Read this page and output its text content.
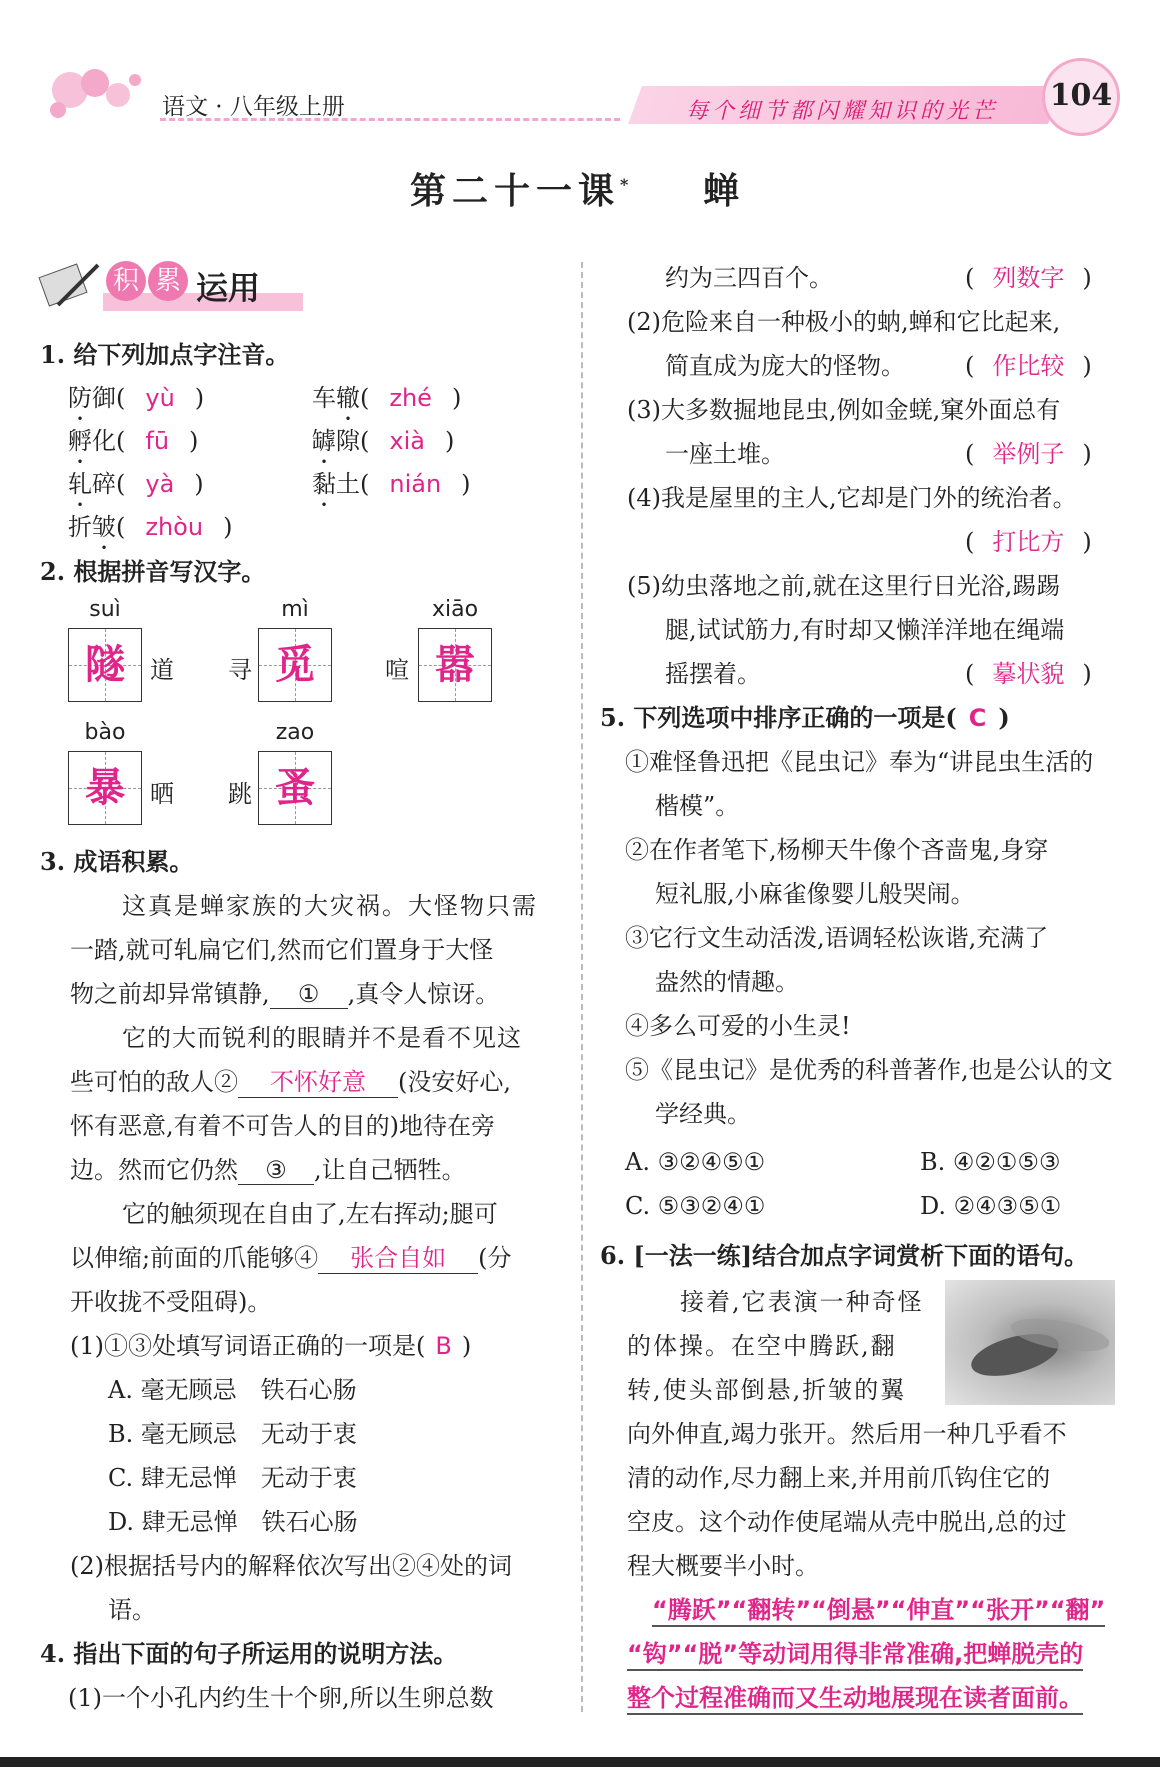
语文 · 八年级上册	每个细节都闪耀知识的光芒 104
第二十一课* 蝉
积 累 运用
1. 给下列加点字注音。
防御( yù )	车辙( zhé )
孵化( fū )	罅隙( xià )
轧碎( yà )	黏土( nián )
折皱( zhòu )
2. 根据拼音写汉字。
suì
隧	道 寻
mì
觅	喧
xiāo
嚣
bào
暴	晒 跳
zao
蚤
3. 成语积累。
这真是蝉家族的大灾祸。大怪物只需
一踏,就可轧扁它们,然而它们置身于大怪
物之前却异常镇静, ① ,真令人惊讶。
它的大而锐利的眼睛并不是看不见这
些可怕的敌人② 不怀好意 (没安好心,
怀有恶意,有着不可告人的目的)地待在旁
边。然而它仍然 ③ ,让自己牺牲。
它的触须现在自由了,左右挥动;腿可
以伸缩;前面的爪能够④ 张合自如 (分
开收拢不受阻碍)。
(1)①③处填写词语正确的一项是( B )
A. 毫无顾忌　铁石心肠
B. 毫无顾忌　无动于衷
C. 肆无忌惮　无动于衷
D. 肆无忌惮　铁石心肠
(2)根据括号内的解释依次写出②④处的词
语。
4. 指出下面的句子所运用的说明方法。
(1)一个小孔内约生十个卵,所以生卵总数
约为三四百个。	( 列数字 )
(2)危险来自一种极小的蚋,蝉和它比起来,
简直成为庞大的怪物。	( 作比较 )
(3)大多数掘地昆虫,例如金蜣,窠外面总有
一座土堆。	( 举例子 )
(4)我是屋里的主人,它却是门外的统治者。
( 打比方 )
(5)幼虫落地之前,就在这里行日光浴,踢踢
腿,试试筋力,有时却又懒洋洋地在绳端
摇摆着。	( 摹状貌 )
5. 下列选项中排序正确的一项是( C )
①难怪鲁迅把《昆虫记》奉为“讲昆虫生活的
楷模”。
②在作者笔下,杨柳天牛像个吝啬鬼,身穿
短礼服,小麻雀像婴儿般哭闹。
③它行文生动活泼,语调轻松诙谐,充满了
盎然的情趣。
④多么可爱的小生灵!
⑤《昆虫记》是优秀的科普著作,也是公认的文
学经典。
A. ③②④⑤①	B. ④②①⑤③
C. ⑤③②④①	D. ②④③⑤①
6. [一法一练]结合加点字词赏析下面的语句。
接着,它表演一种奇怪
的体操。在空中腾跃,翻
转,使头部倒悬,折皱的翼
向外伸直,竭力张开。然后用一种几乎看不
清的动作,尽力翻上来,并用前爪钩住它的
空皮。这个动作使尾端从壳中脱出,总的过
程大概要半小时。
“腾跃”“翻转”“倒悬”“伸直”“张开”“翻”
“钩”“脱”等动词用得非常准确,把蝉脱壳的
整个过程准确而又生动地展现在读者面前。
